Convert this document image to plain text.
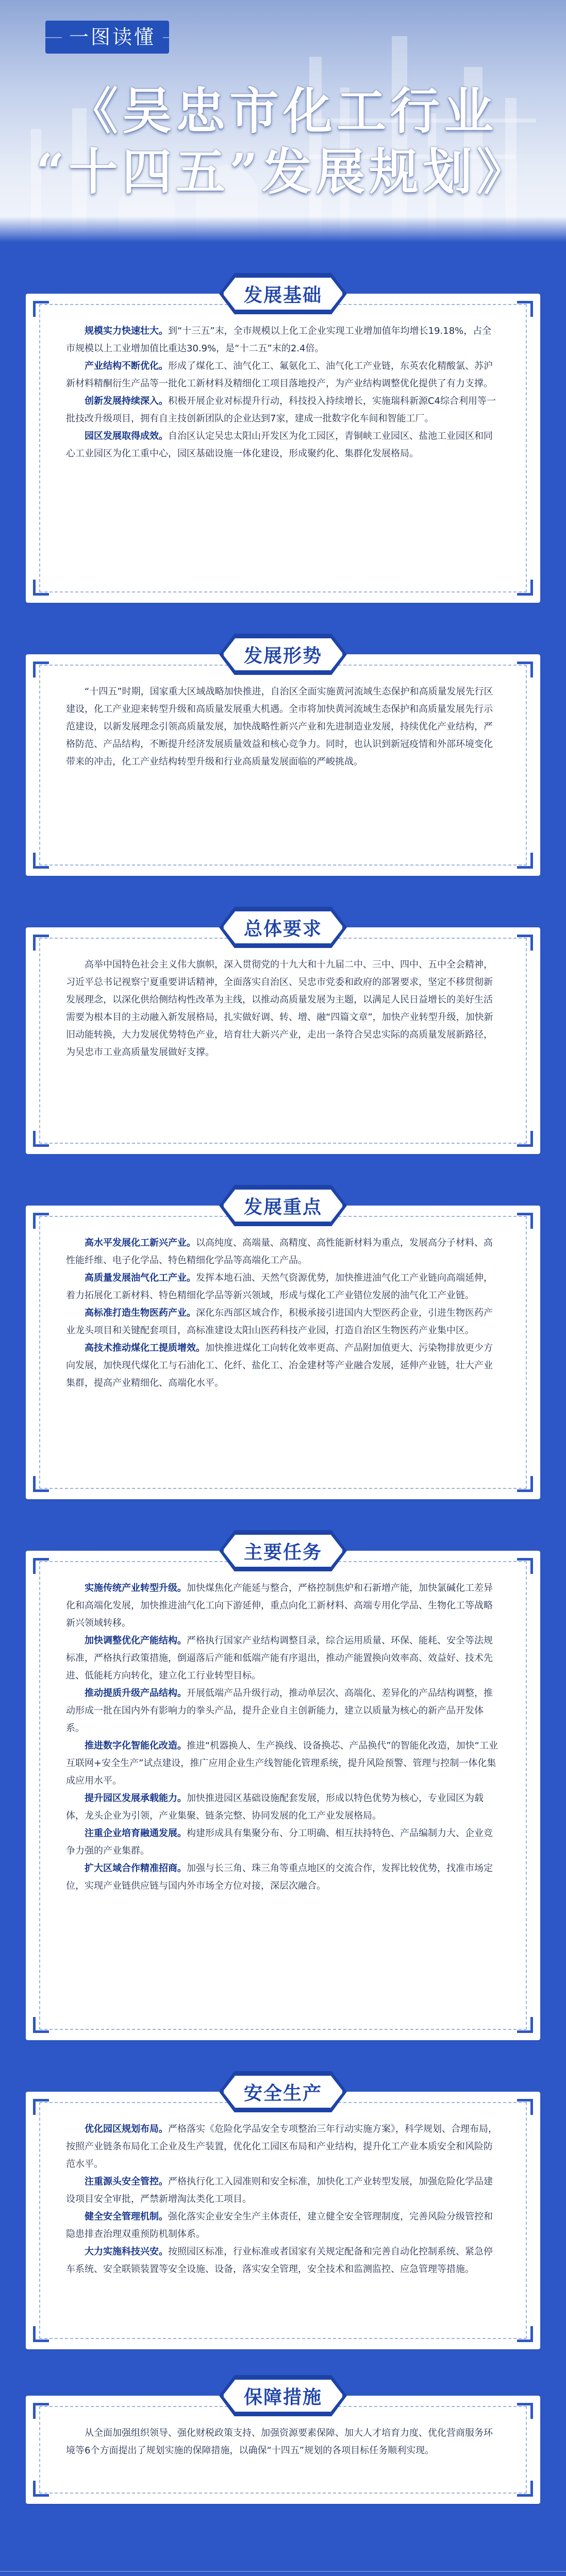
一图读懂
《吴忠市化工行业
“十四五”发展规划》
发展基础

规模实力快速壮大。到“十三五”末，全市规模以上化工企业实现工业增加值年均增长19.18%，占全市规模以上工业增加值比重达30.9%，是“十二五”末的2.4倍。

产业结构不断优化。形成了煤化工、油气化工、氟氨化工、油气化工产业链，东英农化精酸氯、苏沪新材料精酮衍生产品等一批化工新材料及精细化工项目落地投产，为产业结构调整优化提供了有力支撑。

创新发展持续深入。积极开展企业对标提升行动，科技投入持续增长，实施瑞科新源C4综合利用等一批技改升级项目，拥有自主技创新团队的企业达到7家，建成一批数字化车间和智能工厂。

园区发展取得成效。自治区认定吴忠太阳山开发区为化工园区，青铜峡工业园区、盐池工业园区和同心工业园区为化工重中心，园区基础设施一体化建设，形成聚约化、集群化发展格局。

发展形势

“十四五”时期，国家重大区域战略加快推进，自治区全面实施黄河流域生态保护和高质量发展先行区建设，化工产业迎来转型升级和高质量发展重大机遇。全市将加快黄河流域生态保护和高质量发展先行示范建设，以新发展理念引领高质量发展，加快战略性新兴产业和先进制造业发展，持续优化产业结构，严格防范、产品结构，不断提升经济发展质量效益和核心竞争力。同时，也认识到新冠疫情和外部环境变化带来的冲击，化工产业结构转型升级和行业高质量发展面临的严峻挑战。

总体要求

高举中国特色社会主义伟大旗帜，深入贯彻党的十九大和十九届二中、三中、四中、五中全会精神，习近平总书记视察宁夏重要讲话精神，全面落实自治区、吴忠市党委和政府的部署要求，坚定不移贯彻新发展理念，以深化供给侧结构性改革为主线，以推动高质量发展为主题，以满足人民日益增长的美好生活需要为根本目的主动融入新发展格局，扎实做好调、转、增、融“四篇文章”，加快产业转型升级，加快新旧动能转换，大力发展优势特色产业，培育壮大新兴产业，走出一条符合吴忠实际的高质量发展新路径，为吴忠市工业高质量发展做好支撑。

发展重点

高水平发展化工新兴产业。以高纯度、高端量、高精度、高性能新材料为重点，发展高分子材料、高性能纤维、电子化学品、特色精细化学品等高端化工产品。

高质量发展油气化工产业。发挥本地石油、天然气资源优势，加快推进油气化工产业链向高端延伸，着力拓展化工新材料、特色精细化学品等新兴领域，形成与煤化工产业错位发展的油气化工产业链。

高标准打造生物医药产业。深化东西部区域合作，积极承接引进国内大型医药企业，引进生物医药产业龙头项目和关键配套项目，高标准建设太阳山医药科技产业园，打造自治区生物医药产业集中区。

高技术推动煤化工提质增效。加快推进煤化工向转化效率更高、产品附加值更大、污染物排放更少方向发展，加快现代煤化工与石油化工、化纤、盐化工、冶金建材等产业融合发展，延伸产业链，壮大产业集群，提高产业精细化、高端化水平。

主要任务

实施传统产业转型升级。加快煤焦化产能延与整合，严格控制焦炉和石新增产能，加快氯碱化工差异化和高端化发展，加快推进油气化工向下游延伸，重点向化工新材料、高端专用化学品、生物化工等战略新兴领域转移。

加快调整优化产能结构。严格执行国家产业结构调整目录，综合运用质量、环保、能耗、安全等法规标准，严格执行政策措施，倒逼落后产能和低端产能有序退出，推动产能置换向效率高、效益好、技术先进、低能耗方向转化，建立化工行业转型目标。

推动提质升级产品结构。开展低端产品升级行动，推动单层次、高端化、差异化的产品结构调整，推动形成一批在国内外有影响力的拳头产品，提升企业自主创新能力，建立以质量为核心的新产品开发体系。

推进数字化智能化改造。推进“机器换人、生产换线、设备换芯、产品换代”的智能化改造，加快“工业互联网+安全生产”试点建设，推广应用企业生产线智能化管理系统，提升风险预警、管理与控制一体化集成应用水平。

提升园区发展承载能力。加快推进园区基础设施配套发展，形成以特色优势为核心，专业园区为载体，龙头企业为引领，产业集聚、链条完整、协同发展的化工产业发展格局。

注重企业培育融通发展。构建形成具有集聚分布、分工明确、相互扶持特色、产品编制力大、企业竞争力强的产业集群。

扩大区域合作精准招商。加强与长三角、珠三角等重点地区的交流合作，发挥比较优势，找准市场定位，实现产业链供应链与国内外市场全方位对接，深层次融合。

安全生产

优化园区规划布局。严格落实《危险化学品安全专项整治三年行动实施方案》，科学规划、合理布局，按照产业链条布局化工企业及生产装置，优化化工园区布局和产业结构，提升化工产业本质安全和风险防范水平。

注重源头安全管控。严格执行化工入园准则和安全标准，加快化工产业转型发展，加强危险化学品建设项目安全审批，严禁新增淘汰类化工项目。

健全安全管理机制。强化落实企业安全生产主体责任，建立健全安全管理制度，完善风险分级管控和隐患排查治理双重预防机制体系。

大力实施科技兴安。按照园区标准，行业标准或者国家有关规定配备和完善自动化控制系统、紧急停车系统、安全联锁装置等安全设施、设备，落实安全管理，安全技术和监测监控、应急管理等措施。

保障措施

从全面加强组织领导、强化财税政策支持、加强资源要素保障、加大人才培育力度、优化营商服务环境等6个方面提出了规划实施的保障措施，以确保“十四五”规划的各项目标任务顺利实现。
